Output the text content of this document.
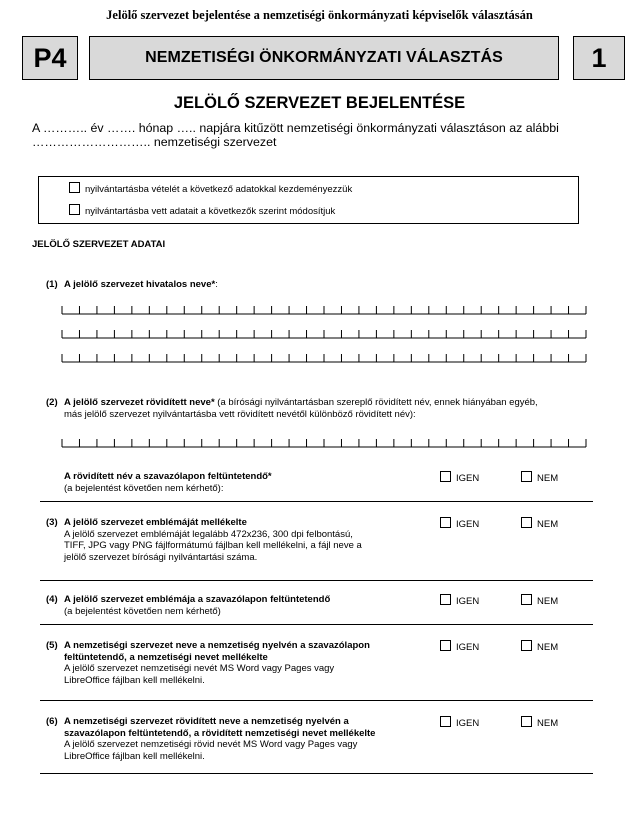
Jelölő szervezet bejelentése a nemzetiségi önkormányzati képviselők választásán
P4	NEMZETISÉGI ÖNKORMÁNYZATI VÁLASZTÁS	1
JELÖLŐ SZERVEZET BEJELENTÉSE
A ……….. év ……. hónap ….. napjára kitűzött nemzetiségi önkormányzati választáson az alábbi
……………………….. nemzetiségi szervezet
nyilvántartásba vételét a következő adatokkal kezdeményezzük
nyilvántartásba vett adatait a következők szerint módosítjuk
JELÖLŐ SZERVEZET ADATAI
(1) A jelölő szervezet hivatalos neve*:
(2) A jelölő szervezet rövidített neve* (a bírósági nyilvántartásban szereplő rövidített név, ennek hiányában egyéb,
más jelölő szervezet nyilvántartásba vett rövidített nevétől különböző rövidített név):
A rövidített név a szavazólapon feltüntetendő*
(a bejelentést követően nem kérhető):
IGEN	NEM
(3) A jelölő szervezet emblémáját mellékelte
A jelölő szervezet emblémáját legalább 472x236, 300 dpi felbontású,
TIFF, JPG vagy PNG fájlformátumú fájlban kell mellékelni, a fájl neve a
jelölő szervezet bírósági nyilvántartási száma.
IGEN	NEM
(4) A jelölő szervezet emblémája a szavazólapon feltüntetendő
(a bejelentést követően nem kérhető)
IGEN	NEM
(5) A nemzetiségi szervezet neve a nemzetiség nyelvén a szavazólapon
feltüntetendő, a nemzetiségi nevet mellékelte
A jelölő szervezet nemzetiségi nevét MS Word vagy Pages vagy
LibreOffice fájlban kell mellékelni.
IGEN	NEM
(6) A nemzetiségi szervezet rövidített neve a nemzetiség nyelvén a
szavazólapon feltüntetendő, a rövidített nemzetiségi nevet mellékelte
A jelölő szervezet nemzetiségi rövid nevét MS Word vagy Pages vagy
LibreOffice fájlban kell mellékelni.
IGEN	NEM
